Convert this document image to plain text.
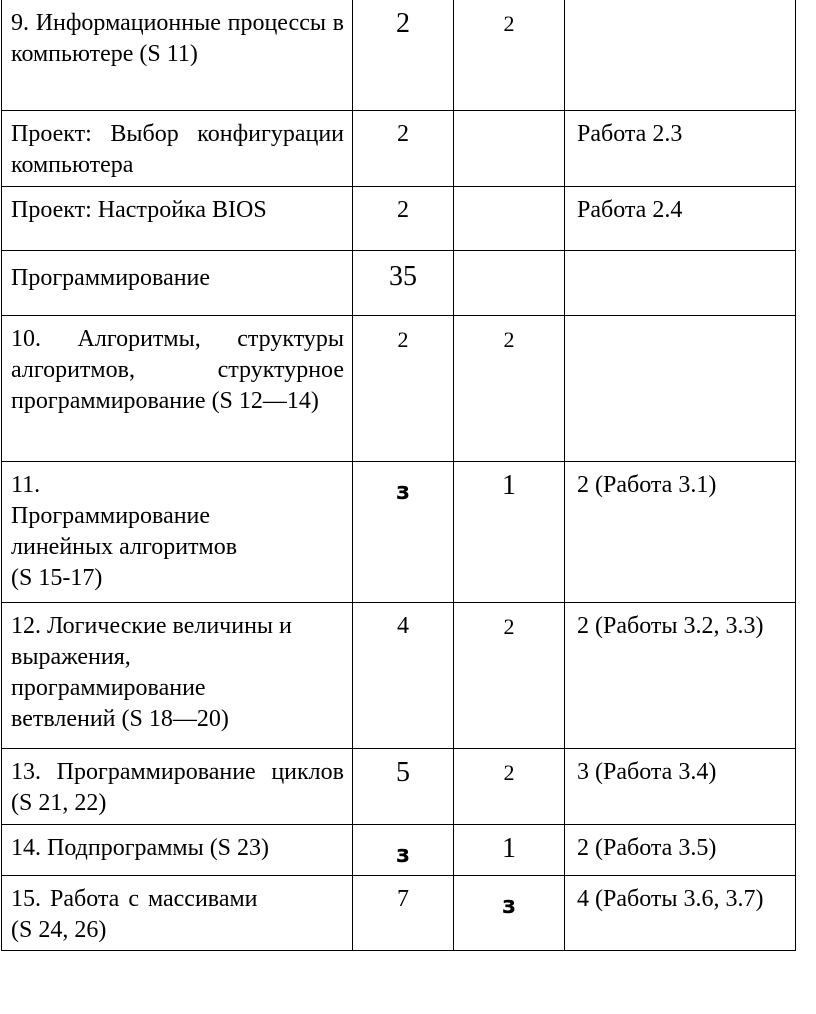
9. Информационные процессы в компьютере (S 11)	2	2	

Проект: Выбор конфигурации компьютера	2		Работа 2.3

Проект: Настройка BIOS	2		Работа 2.4

Программирование	35		

10. Алгоритмы, структуры алгоритмов, структурное программирование (S 12—14)	2	2	

11.
Программирование
линейных алгоритмов
(S 15-17)	з	1	2 (Работа 3.1)

12. Логические величины и
выражения,
программирование
ветвлений (S 18—20)	4	2	2 (Работы 3.2, 3.3)

13. Программирование циклов (S 21, 22)	5	2	3 (Работа 3.4)

14. Подпрограммы (S 23)	з	1	2 (Работа 3.5)

15. Работа с массивами
(S 24, 26)	7	з	4 (Работы 3.6, 3.7)
